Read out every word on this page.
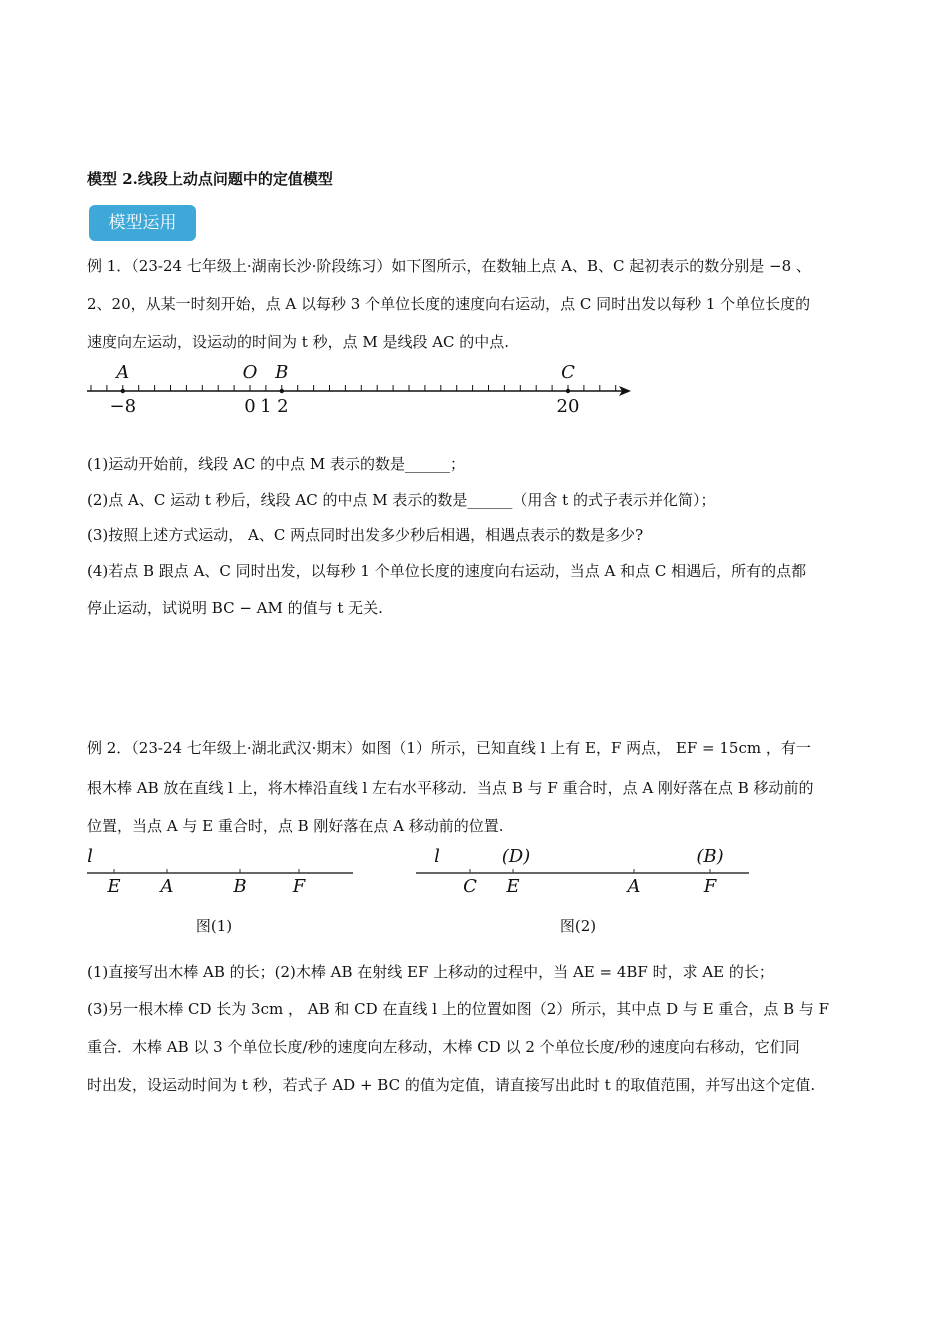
模型 2.线段上动点问题中的定值模型
模型运用
例 1．（23-24 七年级上·湖南长沙·阶段练习）如下图所示，在数轴上点 A、B、C 起初表示的数分别是 −8 、
2、20，从某一时刻开始，点 A 以每秒 3 个单位长度的速度向右运动，点 C 同时出发以每秒 1 个单位长度的
速度向左运动，设运动的时间为 t 秒，点 M 是线段 AC 的中点.
A
−8
O
0
B
2
C
20
1
(1)运动开始前，线段 AC 的中点 M 表示的数是______；
(2)点 A、C 运动 t 秒后，线段 AC 的中点 M 表示的数是______（用含 t 的式子表示并化简）；
(3)按照上述方式运动， A、C 两点同时出发多少秒后相遇，相遇点表示的数是多少?
(4)若点 B 跟点 A、C 同时出发，以每秒 1 个单位长度的速度向右运动，当点 A 和点 C 相遇后，所有的点都
停止运动，试说明 BC − AM 的值与 t 无关.
例 2．（23-24 七年级上·湖北武汉·期末）如图（1）所示，已知直线 l 上有 E，F 两点， EF = 15cm ，有一
根木棒 AB 放在直线 l 上，将木棒沿直线 l 左右水平移动．当点 B 与 F 重合时，点 A 刚好落在点 B 移动前的
位置，当点 A 与 E 重合时，点 B 刚好落在点 A 移动前的位置.
l
E A	B	F
图(1)
l	(D)	(B)
C E	A	F
图(2)
(1)直接写出木棒 AB 的长；(2)木棒 AB 在射线 EF 上移动的过程中，当 AE = 4BF 时，求 AE 的长；
(3)另一根木棒 CD 长为 3cm ， AB 和 CD 在直线 l 上的位置如图（2）所示，其中点 D 与 E 重合，点 B 与 F
重合．木棒 AB 以 3 个单位长度/秒的速度向左移动，木棒 CD 以 2 个单位长度/秒的速度向右移动，它们同
时出发，设运动时间为 t 秒，若式子 AD + BC 的值为定值，请直接写出此时 t 的取值范围，并写出这个定值.
